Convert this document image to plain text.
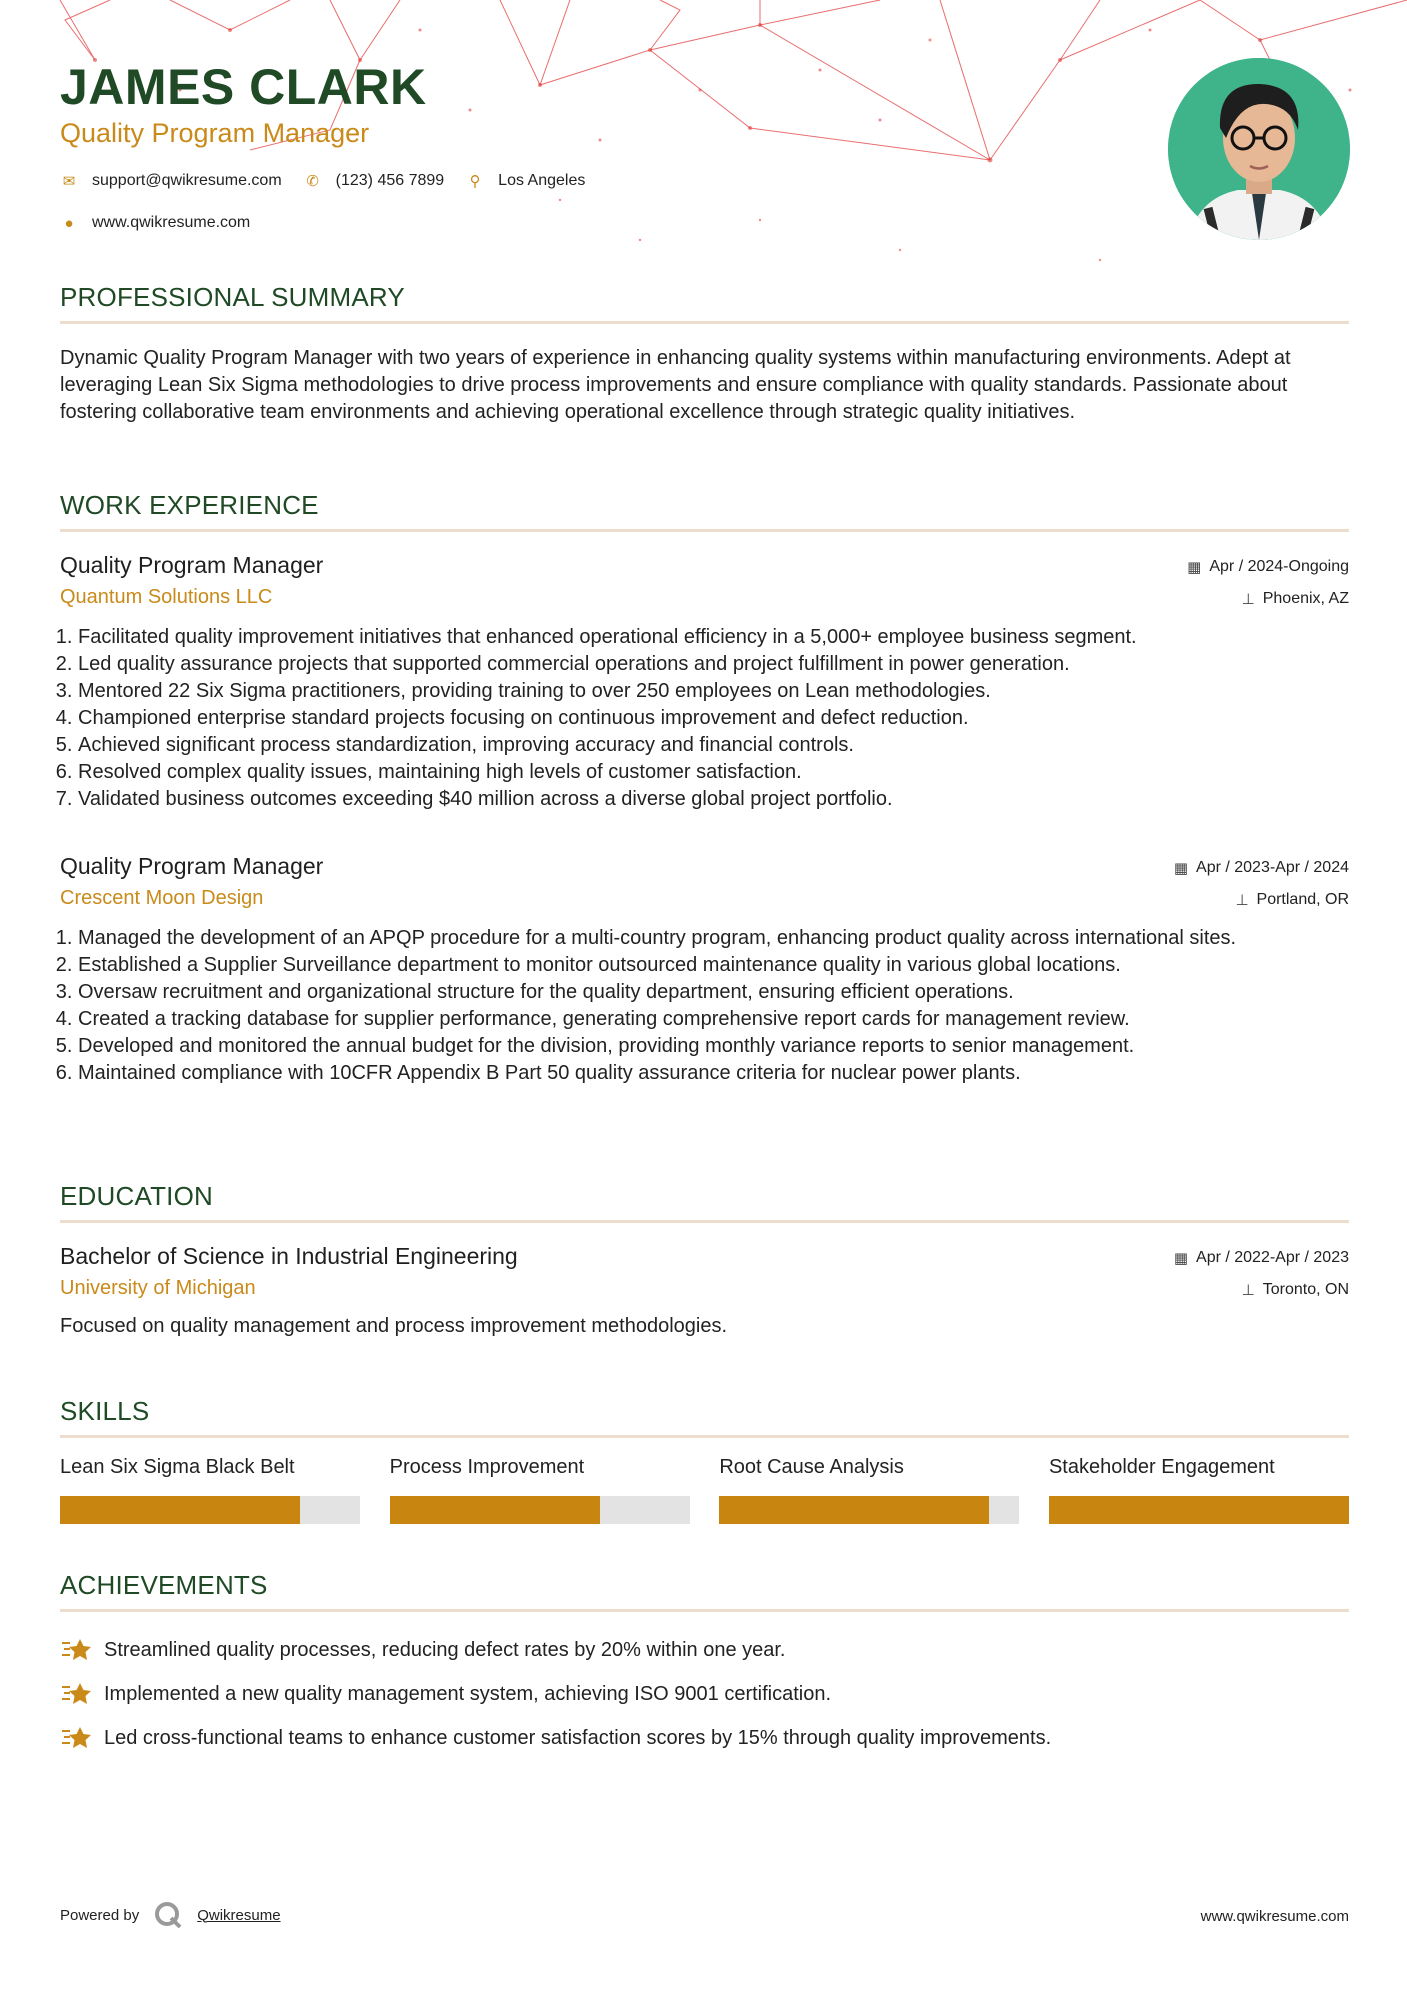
JAMES CLARK
Quality Program Manager
✉ support@qwikresume.com ✆ (123) 456 7899 ⚲ Los Angeles
● www.qwikresume.com
PROFESSIONAL SUMMARY
Dynamic Quality Program Manager with two years of experience in enhancing quality systems within manufacturing environments. Adept at leveraging Lean Six Sigma methodologies to drive process improvements and ensure compliance with quality standards. Passionate about fostering collaborative team environments and achieving operational excellence through strategic quality initiatives.
WORK EXPERIENCE
Quality Program Manager
Quantum Solutions LLC
▦ Apr / 2024-Ongoing
⊥ Phoenix, AZ
1. Facilitated quality improvement initiatives that enhanced operational efficiency in a 5,000+ employee business segment.
2. Led quality assurance projects that supported commercial operations and project fulfillment in power generation.
3. Mentored 22 Six Sigma practitioners, providing training to over 250 employees on Lean methodologies.
4. Championed enterprise standard projects focusing on continuous improvement and defect reduction.
5. Achieved significant process standardization, improving accuracy and financial controls.
6. Resolved complex quality issues, maintaining high levels of customer satisfaction.
7. Validated business outcomes exceeding $40 million across a diverse global project portfolio.
Quality Program Manager
Crescent Moon Design
▦ Apr / 2023-Apr / 2024
⊥ Portland, OR
1. Managed the development of an APQP procedure for a multi-country program, enhancing product quality across international sites.
2. Established a Supplier Surveillance department to monitor outsourced maintenance quality in various global locations.
3. Oversaw recruitment and organizational structure for the quality department, ensuring efficient operations.
4. Created a tracking database for supplier performance, generating comprehensive report cards for management review.
5. Developed and monitored the annual budget for the division, providing monthly variance reports to senior management.
6. Maintained compliance with 10CFR Appendix B Part 50 quality assurance criteria for nuclear power plants.
EDUCATION
Bachelor of Science in Industrial Engineering
University of Michigan
▦ Apr / 2022-Apr / 2023
⊥ Toronto, ON
Focused on quality management and process improvement methodologies.
SKILLS
Lean Six Sigma Black Belt	Process Improvement	Root Cause Analysis	Stakeholder Engagement
ACHIEVEMENTS
Streamlined quality processes, reducing defect rates by 20% within one year.
Implemented a new quality management system, achieving ISO 9001 certification.
Led cross-functional teams to enhance customer satisfaction scores by 15% through quality improvements.
Powered by	Qwikresume	www.qwikresume.com
